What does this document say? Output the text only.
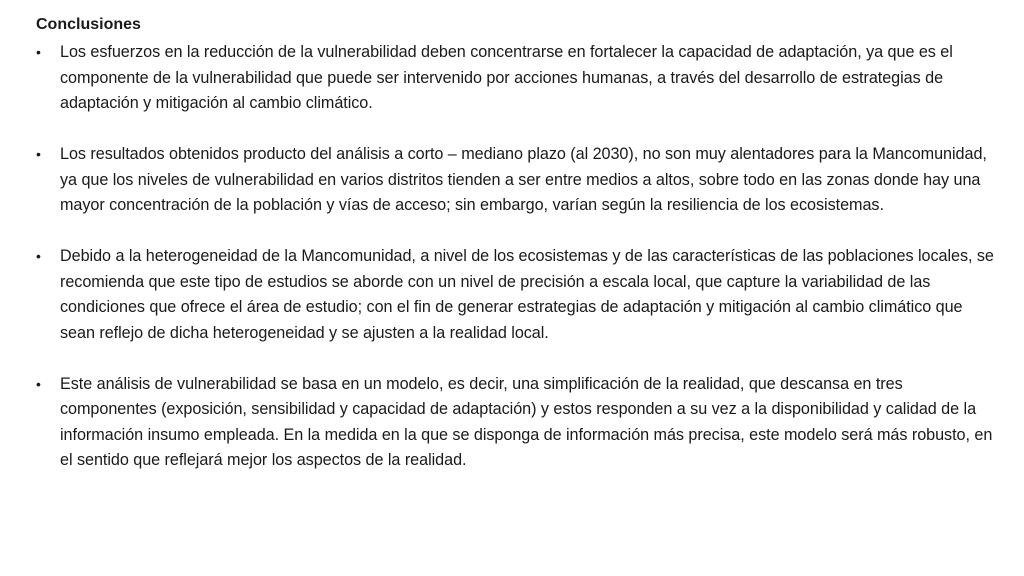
Conclusiones
•	Los esfuerzos en la reducción de la vulnerabilidad deben concentrarse en fortalecer la capacidad de adaptación, ya que es el componente de la vulnerabilidad que puede ser intervenido por acciones humanas, a través del desarrollo de estrategias de adaptación y mitigación al cambio climático.
•	Los resultados obtenidos producto del análisis a corto – mediano plazo (al 2030), no son muy alentadores para la Mancomunidad, ya que los niveles de vulnerabilidad en varios distritos tienden a ser entre medios a altos, sobre todo en las zonas donde hay una mayor concentración de la población y vías de acceso; sin embargo, varían según la resiliencia de los ecosistemas.
•	Debido a la heterogeneidad de la Mancomunidad, a nivel de los ecosistemas y de las características de las poblaciones locales, se recomienda que este tipo de estudios se aborde con un nivel de precisión a escala local, que capture la variabilidad de las condiciones que ofrece el área de estudio; con el fin de generar estrategias de adaptación y mitigación al cambio climático que sean reflejo de dicha heterogeneidad y se ajusten a la realidad local.
•	Este análisis de vulnerabilidad se basa en un modelo, es decir, una simplificación de la realidad, que descansa en tres componentes (exposición, sensibilidad y capacidad de adaptación) y estos responden a su vez a la disponibilidad y calidad de la información insumo empleada. En la medida en la que se disponga de información más precisa, este modelo será más robusto, en el sentido que reflejará mejor los aspectos de la realidad.
